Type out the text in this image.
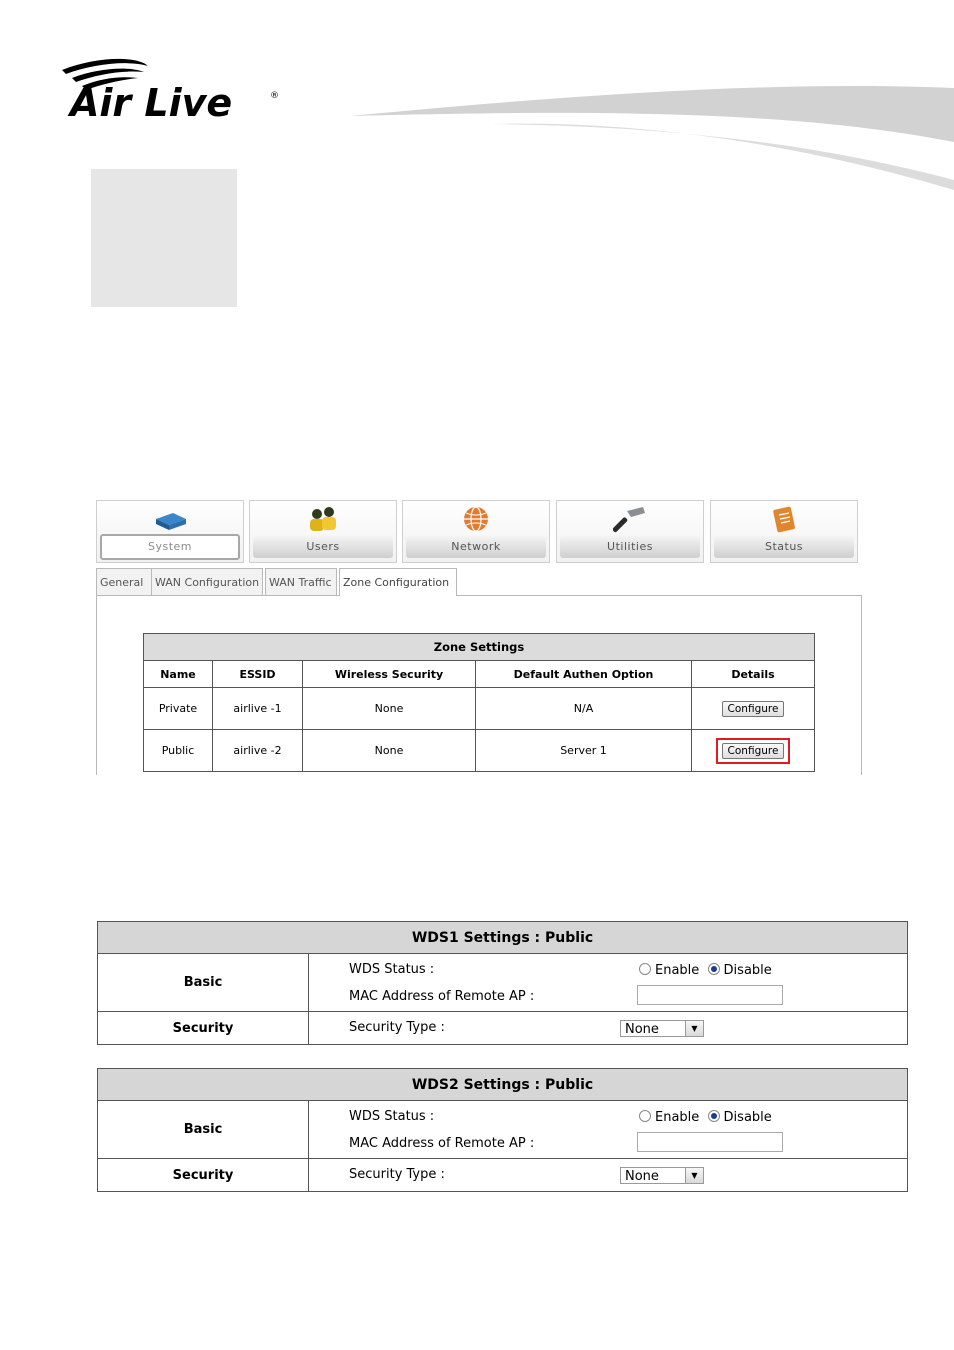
Air Live	®
System	Users	Network	Utilities	Status
General	WAN Configuration WAN Traffic	Zone Configuration
Zone Settings				
Name	ESSID	Wireless Security	Default Authen Option	Details
Private	airlive -1	None	N/A	Configure
Public	airlive -2	None	Server 1	Configure
WDS1 Settings : Public	
Basic	WDS Status : Enable Disable
MAC Address of Remote AP :

Security	Security Type : None ▼
WDS2 Settings : Public	
Basic	WDS Status : Enable Disable
MAC Address of Remote AP :

Security	Security Type : None ▼
